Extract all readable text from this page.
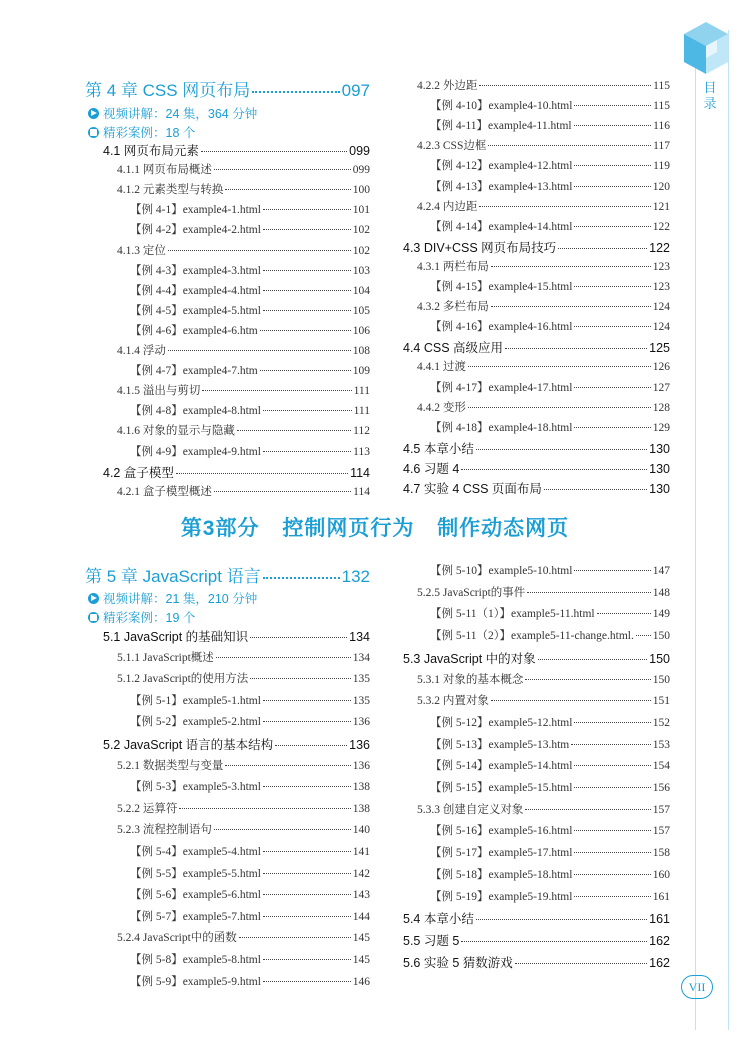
目录
VII
第 4 章 CSS 网页布局	097
视频讲解：24 集，364 分钟
精彩案例：18 个
4.1 网页布局元素	099
4.1.1 网页布局概述	099
4.1.2 元素类型与转换	100
【例 4-1】example4-1.html	101
【例 4-2】example4-2.html	102
4.1.3 定位	102
【例 4-3】example4-3.html	103
【例 4-4】example4-4.html	104
【例 4-5】example4-5.html	105
【例 4-6】example4-6.htm	106
4.1.4 浮动	108
【例 4-7】example4-7.htm	109
4.1.5 溢出与剪切	111
【例 4-8】example4-8.html	111
4.1.6 对象的显示与隐藏	112
【例 4-9】example4-9.html	113
4.2 盒子模型	114
4.2.1 盒子模型概述	114
4.2.2 外边距	115
【例 4-10】example4-10.html	115
【例 4-11】example4-11.html	116
4.2.3 CSS边框	117
【例 4-12】example4-12.html	119
【例 4-13】example4-13.html	120
4.2.4 内边距	121
【例 4-14】example4-14.html	122
4.3 DIV+CSS 网页布局技巧	122
4.3.1 两栏布局	123
【例 4-15】example4-15.html	123
4.3.2 多栏布局	124
【例 4-16】example4-16.html	124
4.4 CSS 高级应用	125
4.4.1 过渡	126
【例 4-17】example4-17.html	127
4.4.2 变形	128
【例 4-18】example4-18.html	129
4.5 本章小结	130
4.6 习题 4	130
4.7 实验 4 CSS 页面布局	130
第3部分 控制网页行为 制作动态网页
第 5 章 JavaScript 语言	132
视频讲解：21 集，210 分钟
精彩案例：19 个
5.1 JavaScript 的基础知识	134
5.1.1 JavaScript概述	134
5.1.2 JavaScript的使用方法	135
【例 5-1】example5-1.html	135
【例 5-2】example5-2.html	136
5.2 JavaScript 语言的基本结构	136
5.2.1 数据类型与变量	136
【例 5-3】example5-3.html	138
5.2.2 运算符	138
5.2.3 流程控制语句	140
【例 5-4】example5-4.html	141
【例 5-5】example5-5.html	142
【例 5-6】example5-6.html	143
【例 5-7】example5-7.html	144
5.2.4 JavaScript中的函数	145
【例 5-8】example5-8.html	145
【例 5-9】example5-9.html	146
【例 5-10】example5-10.html	147
5.2.5 JavaScript的事件	148
【例 5-11（1）】example5-11.html	149
【例 5-11（2）】example5-11-change.html. 150
5.3 JavaScript 中的对象	150
5.3.1 对象的基本概念	150
5.3.2 内置对象	151
【例 5-12】example5-12.html	152
【例 5-13】example5-13.htm	153
【例 5-14】example5-14.html	154
【例 5-15】example5-15.html	156
5.3.3 创建自定义对象	157
【例 5-16】example5-16.html	157
【例 5-17】example5-17.html	158
【例 5-18】example5-18.html	160
【例 5-19】example5-19.html	161
5.4 本章小结	161
5.5 习题 5	162
5.6 实验 5 猜数游戏	162
